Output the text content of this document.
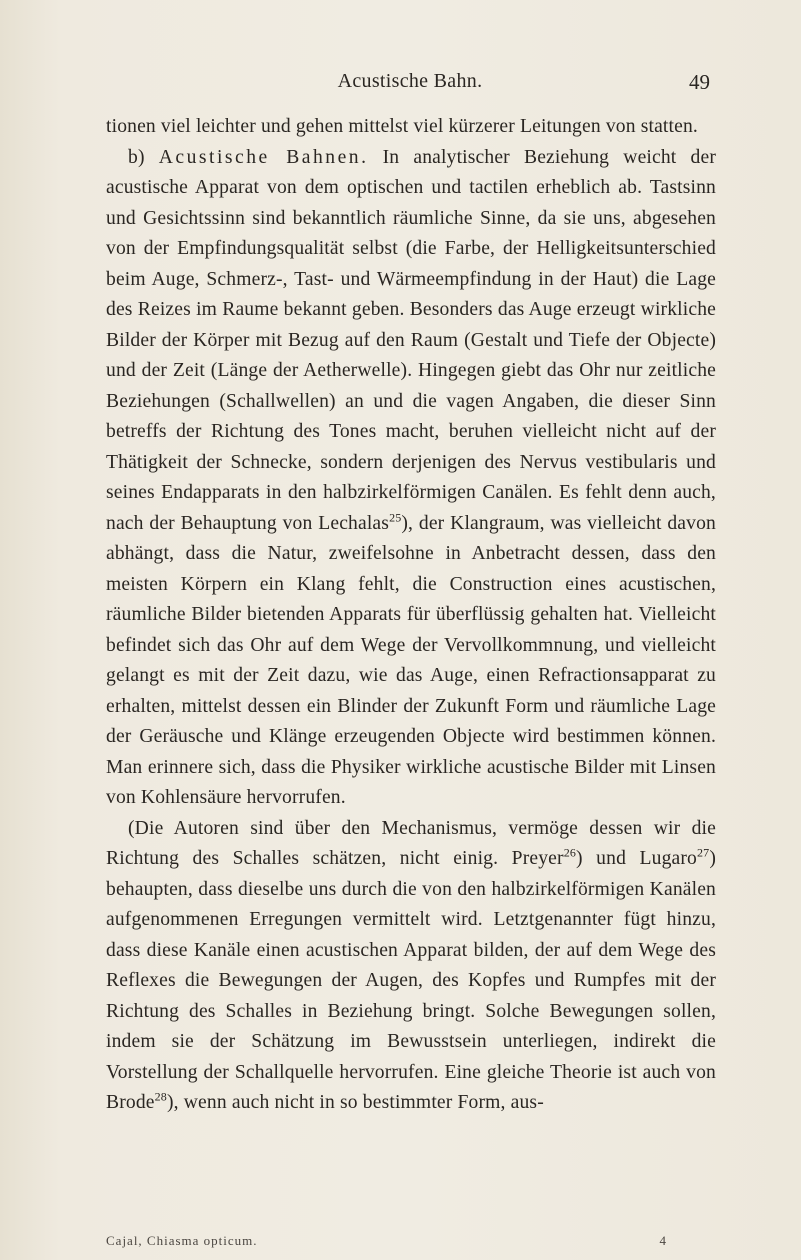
Acustische Bahn.	49

tionen viel leichter und gehen mittelst viel kürzerer Leitungen von statten.

b) Acustische Bahnen. In analytischer Beziehung weicht der acustische Apparat von dem optischen und tactilen erheblich ab. Tastsinn und Gesichtssinn sind bekanntlich räumliche Sinne, da sie uns, abgesehen von der Empfindungsqualität selbst (die Farbe, der Helligkeitsunterschied beim Auge, Schmerz-, Tast- und Wärmeempfindung in der Haut) die Lage des Reizes im Raume bekannt geben. Besonders das Auge erzeugt wirkliche Bilder der Körper mit Bezug auf den Raum (Gestalt und Tiefe der Objecte) und der Zeit (Länge der Aetherwelle). Hingegen giebt das Ohr nur zeitliche Beziehungen (Schallwellen) an und die vagen Angaben, die dieser Sinn betreffs der Richtung des Tones macht, beruhen vielleicht nicht auf der Thätigkeit der Schnecke, sondern derjenigen des Nervus vestibularis und seines Endapparats in den halbzirkelförmigen Canälen. Es fehlt denn auch, nach der Behauptung von Lechalas$^{25}$), der Klangraum, was vielleicht davon abhängt, dass die Natur, zweifelsohne in Anbetracht dessen, dass den meisten Körpern ein Klang fehlt, die Construction eines acustischen, räumliche Bilder bietenden Apparats für überflüssig gehalten hat. Vielleicht befindet sich das Ohr auf dem Wege der Vervollkommnung, und vielleicht gelangt es mit der Zeit dazu, wie das Auge, einen Refractionsapparat zu erhalten, mittelst dessen ein Blinder der Zukunft Form und räumliche Lage der Geräusche und Klänge erzeugenden Objecte wird bestimmen können. Man erinnere sich, dass die Physiker wirkliche acustische Bilder mit Linsen von Kohlensäure hervorrufen.

(Die Autoren sind über den Mechanismus, vermöge dessen wir die Richtung des Schalles schätzen, nicht einig. Preyer$^{26}$) und Lugaro$^{27}$) behaupten, dass dieselbe uns durch die von den halbzirkelförmigen Kanälen aufgenommenen Erregungen vermittelt wird. Letztgenannter fügt hinzu, dass diese Kanäle einen acustischen Apparat bilden, der auf dem Wege des Reflexes die Bewegungen der Augen, des Kopfes und Rumpfes mit der Richtung des Schalles in Beziehung bringt. Solche Bewegungen sollen, indem sie der Schätzung im Bewusstsein unterliegen, indirekt die Vorstellung der Schallquelle hervorrufen. Eine gleiche Theorie ist auch von Brode$^{28}$), wenn auch nicht in so bestimmter Form, aus-

Cajal, Chiasma opticum.	4
